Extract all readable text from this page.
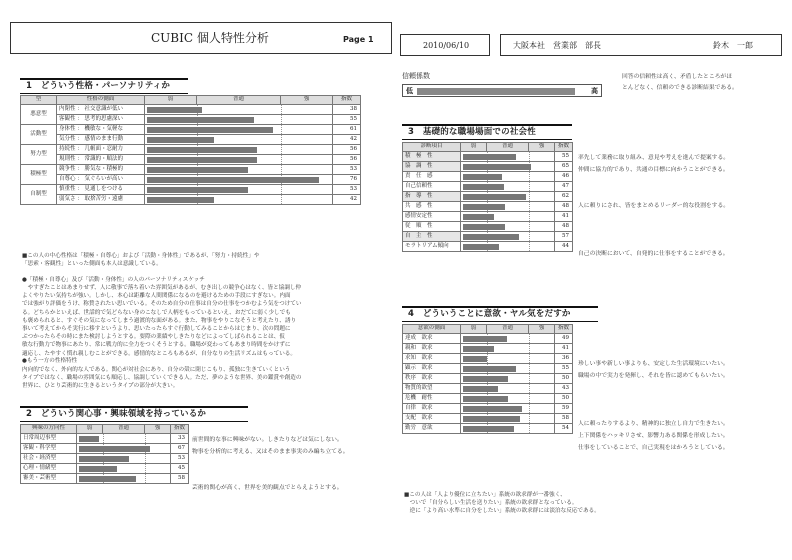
CUBIC 個人特性分析	Page 1
2010/06/10	大阪本社　営業部　部長	鈴木　一郎
信頼係数
低	高
回答の信頼性は高く、矛盾したところがほ
とんどなく、信頼のできる診断結果である。
1　どういう性格・パーソナリティか
型	性格の側面	弱	普通	強	指数
悪意型	内閉性 ： 社交意識が低い				38
	客観性 ： 思考的思慮深い				55
活動型	身体性 ： 機敏な・気軽な				61
	気分性 ： 感情のまま行動				42
努力型	持続性 ： 几帳面・忍耐力				56
	規則性 ： 常識的・順法的				56
積極型	競争性 ： 勝気な・積極的				53
	自尊心 ： 気ぐらいが高い				76
自制型	慎重性 ： 見通しをつける				53
	弱気さ ： 取捨苦労・遠慮				42
■この人の中心性格は「積極・自尊心」および「活動・身体性」であるが、「努力・持続性」や
「思索・客観性」といった側面も本人は意識している。
●「積極・自尊心」及び「活動・身体性」の人のパーソナリティスケッチ
　やすぎたことはあまりせず、人に敬事で落ち着いた雰囲気があるが、むき出しの競争心はなく、皆と協調し仲
よくやりたい気持ちが強い。しかし、本心は距離な人間関係になるのを避けるための手段にすぎない。内面
では強がり評価をうけ、称賛されたい思いでいる。そのため自分の仕事は自分の仕事をつかむよう気をつけてい
る。どちらかといえば、世話的で気どらない身のこなしで人柄をもっているといえ、おだてに弱く少しでも
も褒められると、すぐその気になってしまう過渡的な面がある。また、物事をやりこなそうと考えたり、誘り
事いて考えてからそ実行に移すというより、思いたったらすぐ行動してみることからはじまり、次の問題に
ぶつかったらその時にまた検討しようとする。要際の業績やしきたりなどによってしばられることは、仮
敏な行動力で物事にあたり、常に戦力的に全力をつくそうとする。職場が変わってもあまり時間をかけずに
適応し、たやすく慣れ親しむことができる。感情的なところもあるが、自分なりの生活リズムはもっている。
●もう一方の性格特性
内向的でなく、外向的な人である。関心が対社会にあり、自分の殻に閉じこもり、孤独に生きていくという
タイプではなく、職場の雰囲気にも順応し、協調していくできる人。ただ、夢のような世界、美の鑑賞や創造の
世界に、ひとり芸術的に生きるというタイプの部分が大きい。
2　どういう関心事・興味領域を持っているか
興味の方向性	弱	普通	強	指数
日常周辺事型				33
客観・科学型				67
社会・経済型				53
心理・情緒型				45
審美・芸術型				58
前世間的な事に興味がない。しきたりなどは気にしない。
物事を分析的に考える、又はそのまま事実のみ編ち立てる。
芸術的関心が高く、世界を美的観点でとらえようとする。
3　基礎的な職場場面での社会性
診断項目	弱	普通	強	指数
積　極　性				55
協　調　性				65
責　任　感				46
自己信頼性				47
指　導　性				62
共　感　性				48
感情安定性				41
従　順　性				48
自　主　性				57
モラトリアム傾向				44
率先して業務に取り組み、意見や考えを進んで提案する。
仲間に協力的であり、共通の目標に向かうことができる。
人に頼りにされ、皆をまとめるリーダー的な役割をする。
自己の決断において、自発的に仕事をすることができる。
4　どういうことに意欲・ヤル気をだすか
意欲の側面	弱	普通	強	指数
達成　欲求				49
親和　欲求				41
求知　欲求				36
顕示　欲求				55
秩序　欲求				50
物質的欲望				43
危機　耐性				50
自律　欲求				59
支配　欲求				58
勤労　意欲				54
珍しい事や新しい事よりも、安定した生活環境にいたい。
職場の中で実力を発揮し、それを皆に認めてもらいたい。
人に頼ったりするより、精神的に独立し自力で生きたい。
上下関係をハッキリさせ、影響力ある関係を形成したい。
仕事をしていることで、自己実現をはかろうとしている。
■この人は「人より優位に立ちたい」系統の欲求群が一番強く、
　ついで「自分らしい生活を送りたい」系統の欲求群となっている。
　逆に「より高い水準に自分をしたい」系統の欲求群には淡泊な反応である。
